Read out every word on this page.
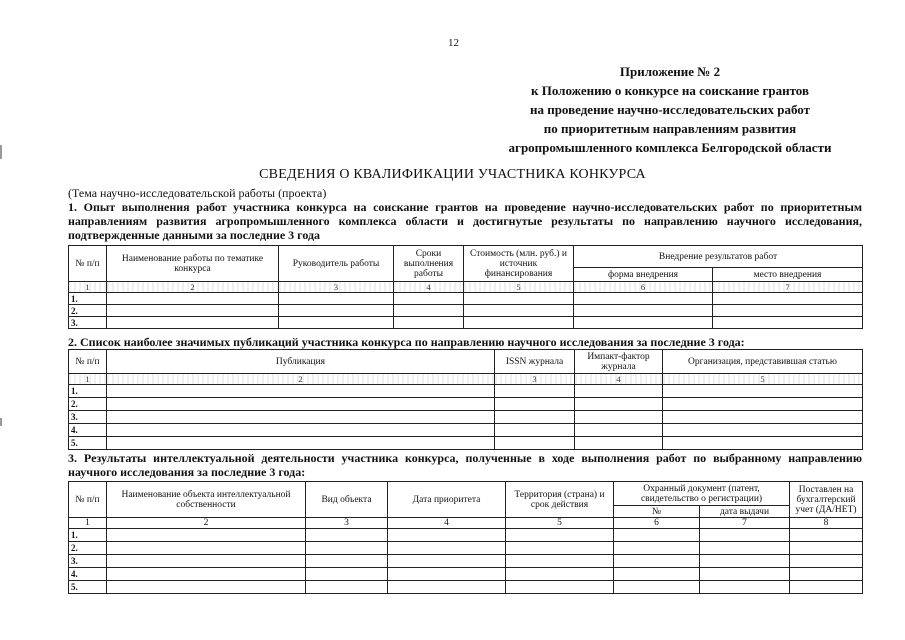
12
Приложение № 2
к Положению о конкурсе на соискание грантов
на проведение научно-исследовательских работ
по приоритетным направлениям развития
агропромышленного комплекса Белгородской области
СВЕДЕНИЯ О КВАЛИФИКАЦИИ УЧАСТНИКА КОНКУРСА
(Тема научно-исследовательской работы (проекта)
1. Опыт выполнения работ участника конкурса на соискание грантов на проведение научно-исследовательских работ по приоритетным направлениям развития агропромышленного комплекса области и достигнутые результаты по направлению научного исследования, подтвержденные данными за последние 3 года
№ п/п	Наименование работы по тематике конкурса	Руководитель работы	Сроки выполнения работы	Стоимость (млн. руб.) и источник финансирования	Внедрение результатов работ	
					форма внедрения	место внедрения
1	2	3	4	5	6	7
1.						
2.						
3.						
2. Список наиболее значимых публикаций участника конкурса по направлению научного исследования за последние 3 года:
№ п/п	Публикация	ISSN журнала	Импакт-фактор журнала	Организация, представившая статью
1	2	3	4	5
1.				
2.				
3.				
4.				
5.				
3. Результаты интеллектуальной деятельности участника конкурса, полученные в ходе выполнения работ по выбранному направлению научного исследования за последние 3 года:
№ п/п	Наименование объекта интеллектуальной собственности	Вид объекта	Дата приоритета	Территория (страна) и срок действия	Охранный документ (патент, свидетельство о регистрации)		Поставлен на бухгалтерский учет (ДА/НЕТ)
					№	дата выдачи	
1	2	3	4	5	6	7	8
1.							
2.							
3.							
4.							
5.							
